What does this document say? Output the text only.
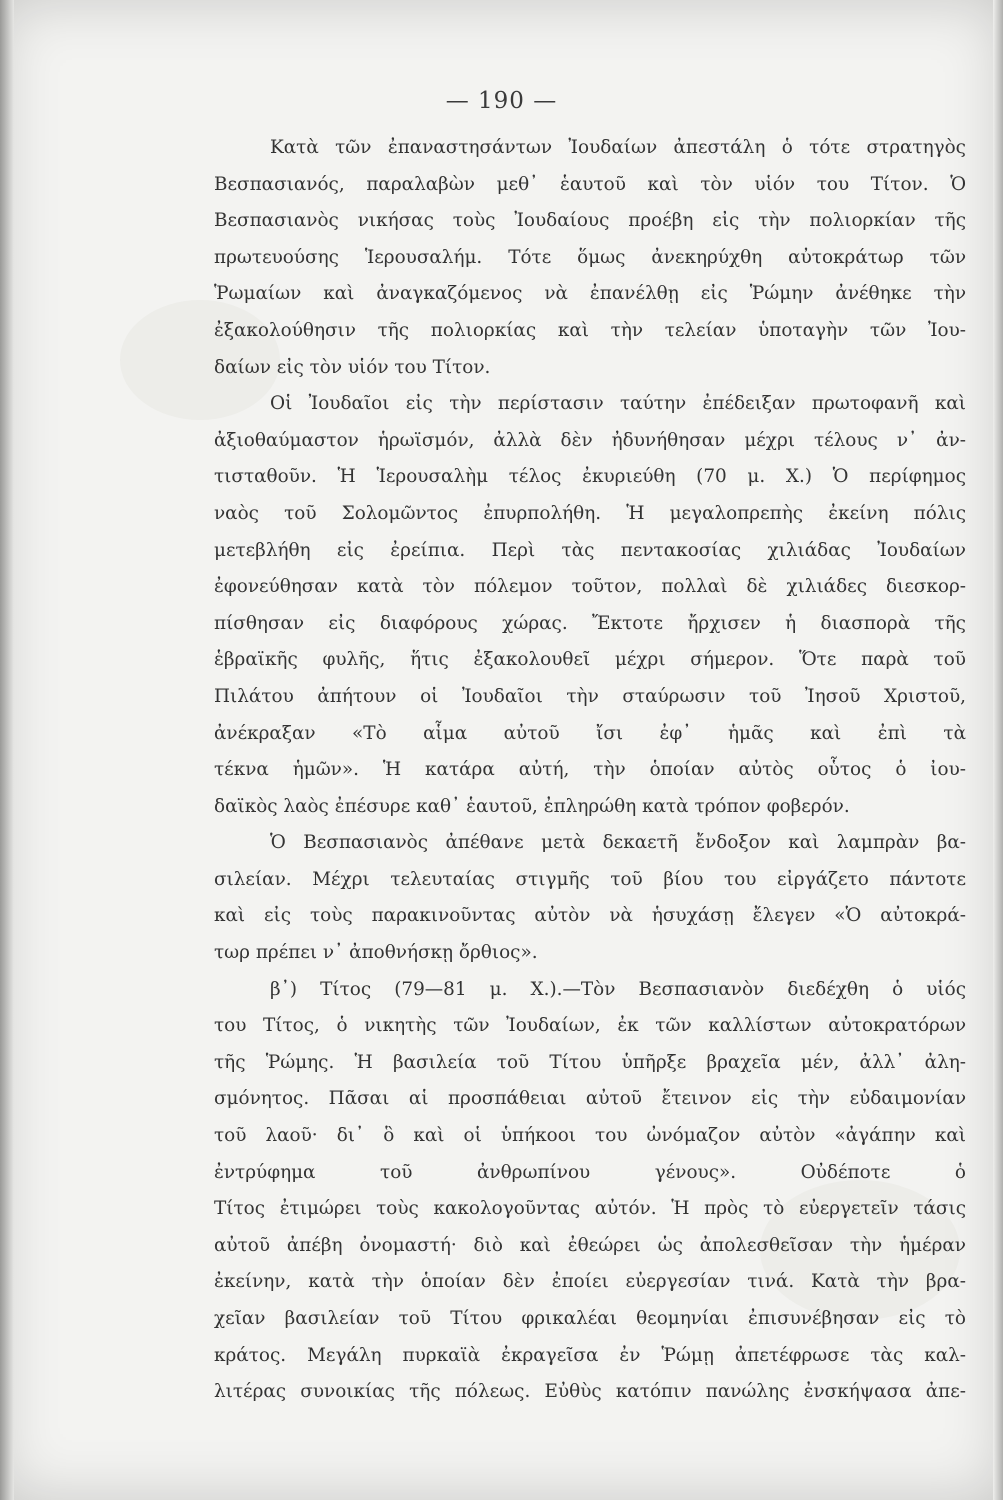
— 190 —
Κατὰ τῶν ἐπαναστησάντων Ἰουδαίων ἀπεστάλη ὁ τότε στρατηγὸς
Βεσπασιανός, παραλαβὼν μεθ᾽ ἑαυτοῦ καὶ τὸν υἱόν του Τίτον. Ὁ
Βεσπασιανὸς νικήσας τοὺς Ἰουδαίους προέβη εἰς τὴν πολιορκίαν τῆς
πρωτευούσης Ἱερουσαλήμ. Τότε ὅμως ἀνεκηρύχθη αὐτοκράτωρ τῶν
Ῥωμαίων καὶ ἀναγκαζόμενος νὰ ἐπανέλθῃ εἰς Ῥώμην ἀνέθηκε τὴν
ἐξακολούθησιν τῆς πολιορκίας καὶ τὴν τελείαν ὑποταγὴν τῶν Ἰου-
δαίων εἰς τὸν υἱόν του Τίτον.
Οἱ Ἰουδαῖοι εἰς τὴν περίστασιν ταύτην ἐπέδειξαν πρωτοφανῆ καὶ
ἀξιοθαύμαστον ἡρωϊσμόν, ἀλλὰ δὲν ἠδυνήθησαν μέχρι τέλους ν᾽ ἀν-
τισταθοῦν. Ἡ Ἱερουσαλὴμ τέλος ἐκυριεύθη (70 μ. Χ.) Ὁ περίφημος
ναὸς τοῦ Σολομῶντος ἐπυρπολήθη. Ἡ μεγαλοπρεπὴς ἐκείνη πόλις
μετεβλήθη εἰς ἐρείπια. Περὶ τὰς πεντακοσίας χιλιάδας Ἰουδαίων
ἐφονεύθησαν κατὰ τὸν πόλεμον τοῦτον, πολλαὶ δὲ χιλιάδες διεσκορ-
πίσθησαν εἰς διαφόρους χώρας. Ἔκτοτε ἤρχισεν ἡ διασπορὰ τῆς
ἑβραϊκῆς φυλῆς, ἥτις ἐξακολουθεῖ μέχρι σήμερον. Ὅτε παρὰ τοῦ
Πιλάτου ἀπήτουν οἱ Ἰουδαῖοι τὴν σταύρωσιν τοῦ Ἰησοῦ Χριστοῦ,
ἀνέκραξαν «Τὸ αἷμα αὐτοῦ ἴσι ἐφ᾽ ἡμᾶς καὶ ἐπὶ τὰ
τέκνα ἡμῶν». Ἡ κατάρα αὐτή, τὴν ὁποίαν αὐτὸς οὗτος ὁ ἰου-
δαϊκὸς λαὸς ἐπέσυρε καθ᾽ ἑαυτοῦ, ἐπληρώθη κατὰ τρόπον φοβερόν.
Ὁ Βεσπασιανὸς ἀπέθανε μετὰ δεκαετῆ ἔνδοξον καὶ λαμπρὰν βα-
σιλείαν. Μέχρι τελευταίας στιγμῆς τοῦ βίου του εἰργάζετο πάντοτε
καὶ εἰς τοὺς παρακινοῦντας αὐτὸν νὰ ἡσυχάσῃ ἔλεγεν «Ὁ αὐτοκρά-
τωρ πρέπει ν᾽ ἀποθνήσκῃ ὄρθιος».
β᾽) Τίτος (79—81 μ. Χ.).—Τὸν Βεσπασιανὸν διεδέχθη ὁ υἱός
του Τίτος, ὁ νικητὴς τῶν Ἰουδαίων, ἐκ τῶν καλλίστων αὐτοκρατόρων
τῆς Ῥώμης. Ἡ βασιλεία τοῦ Τίτου ὑπῆρξε βραχεῖα μέν, ἀλλ᾽ ἀλη-
σμόνητος. Πᾶσαι αἱ προσπάθειαι αὐτοῦ ἔτεινον εἰς τὴν εὐδαιμονίαν
τοῦ λαοῦ· δι᾽ ὃ καὶ οἱ ὑπήκοοι του ὠνόμαζον αὐτὸν «ἀγάπην καὶ
ἐντρύφημα τοῦ ἀνθρωπίνου γένους». Οὐδέποτε ὁ
Τίτος ἐτιμώρει τοὺς κακολογοῦντας αὐτόν. Ἡ πρὸς τὸ εὐεργετεῖν τάσις
αὐτοῦ ἀπέβη ὀνομαστή· διὸ καὶ ἐθεώρει ὡς ἀπολεσθεῖσαν τὴν ἡμέραν
ἐκείνην, κατὰ τὴν ὁποίαν δὲν ἐποίει εὐεργεσίαν τινά. Κατὰ τὴν βρα-
χεῖαν βασιλείαν τοῦ Τίτου φρικαλέαι θεομηνίαι ἐπισυνέβησαν εἰς τὸ
κράτος. Μεγάλη πυρκαϊὰ ἐκραγεῖσα ἐν Ῥώμῃ ἀπετέφρωσε τὰς καλ-
λιτέρας συνοικίας τῆς πόλεως. Εὐθὺς κατόπιν πανώλης ἐνσκήψασα ἀπε-
